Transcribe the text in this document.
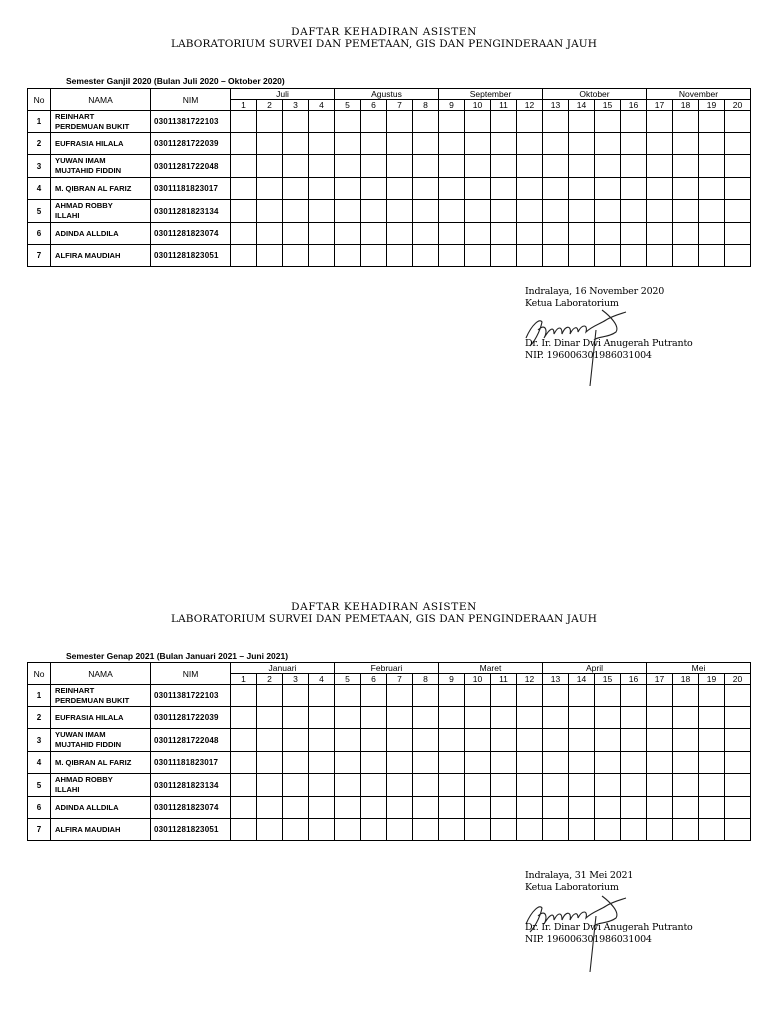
DAFTAR KEHADIRAN ASISTEN
LABORATORIUM SURVEI DAN PEMETAAN, GIS DAN PENGINDERAAN JAUH
Semester Ganjil 2020 (Bulan Juli 2020 – Oktober 2020)
No	NAMA	NIM	Juli				Agustus				September				Oktober				November			
			1	2	3	4	5	6	7	8	9	10	11	12	13	14	15	16	17	18	19	20
1	REINHART
PERDEMUAN BUKIT	03011381722103																				
2	EUFRASIA HILALA	03011281722039																				
3	YUWAN IMAM
MUJTAHID FIDDIN	03011281722048																				
4	M. QIBRAN AL FARIZ	03011181823017																				
5	AHMAD ROBBY
ILLAHI	03011281823134																				
6	ADINDA ALLDILA	03011281823074																				
7	ALFIRA MAUDIAH	03011281823051																				
Indralaya, 16 November 2020
Ketua Laboratorium
Dr. Ir. Dinar Dwi Anugerah Putranto
NIP. 196006301986031004
DAFTAR KEHADIRAN ASISTEN
LABORATORIUM SURVEI DAN PEMETAAN, GIS DAN PENGINDERAAN JAUH
Semester Genap 2021 (Bulan Januari 2021 – Juni 2021)
No	NAMA	NIM	Januari				Februari				Maret				April				Mei			
			1	2	3	4	5	6	7	8	9	10	11	12	13	14	15	16	17	18	19	20
1	REINHART
PERDEMUAN BUKIT	03011381722103																				
2	EUFRASIA HILALA	03011281722039																				
3	YUWAN IMAM
MUJTAHID FIDDIN	03011281722048																				
4	M. QIBRAN AL FARIZ	03011181823017																				
5	AHMAD ROBBY
ILLAHI	03011281823134																				
6	ADINDA ALLDILA	03011281823074																				
7	ALFIRA MAUDIAH	03011281823051																				
Indralaya, 31 Mei 2021
Ketua Laboratorium
Dr. Ir. Dinar Dwi Anugerah Putranto
NIP. 196006301986031004
